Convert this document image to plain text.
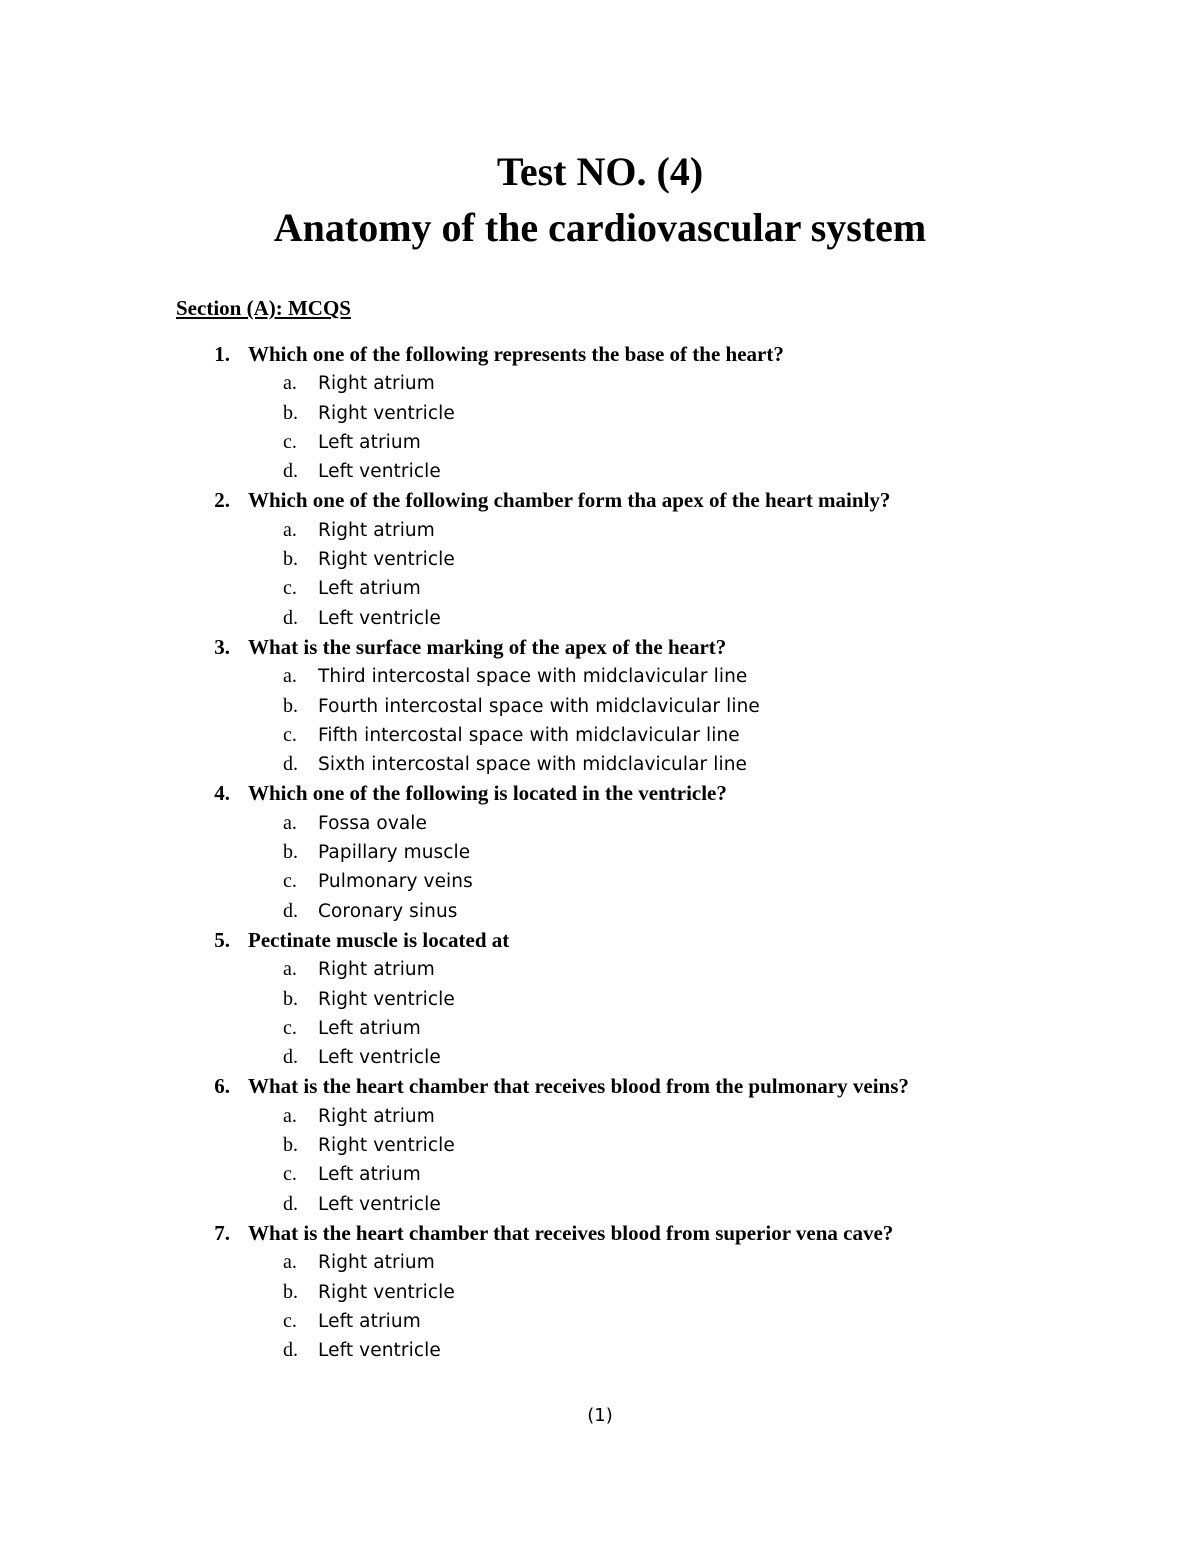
Test NO. (4)
Anatomy of the cardiovascular system
Section (A): MCQS
1. Which one of the following represents the base of the heart?
a. Right atrium
b. Right ventricle
c. Left atrium
d. Left ventricle
2. Which one of the following chamber form tha apex of the heart mainly?
a. Right atrium
b. Right ventricle
c. Left atrium
d. Left ventricle
3. What is the surface marking of the apex of the heart?
a. Third intercostal space with midclavicular line
b. Fourth intercostal space with midclavicular line
c. Fifth intercostal space with midclavicular line
d. Sixth intercostal space with midclavicular line
4. Which one of the following is located in the ventricle?
a. Fossa ovale
b. Papillary muscle
c. Pulmonary veins
d. Coronary sinus
5. Pectinate muscle is located at
a. Right atrium
b. Right ventricle
c. Left atrium
d. Left ventricle
6. What is the heart chamber that receives blood from the pulmonary veins?
a. Right atrium
b. Right ventricle
c. Left atrium
d. Left ventricle
7. What is the heart chamber that receives blood from superior vena cave?
a. Right atrium
b. Right ventricle
c. Left atrium
d. Left ventricle
(1)
